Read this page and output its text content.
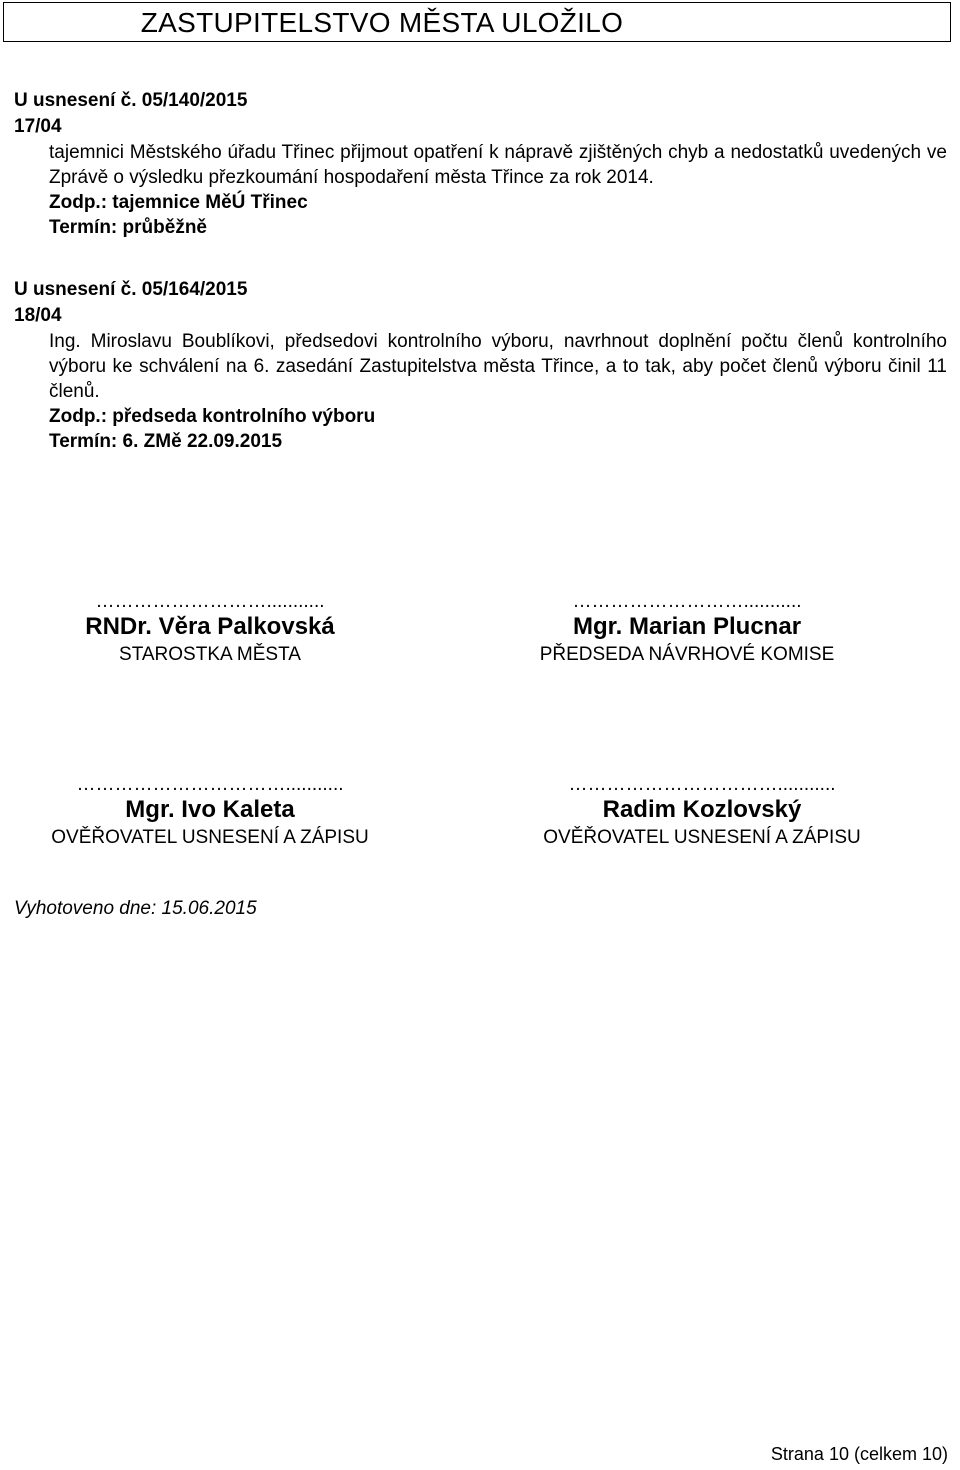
ZASTUPITELSTVO MĚSTA ULOŽILO
U usnesení č. 05/140/2015
17/04
tajemnici Městského úřadu Třinec přijmout opatření k nápravě zjištěných chyb a nedostatků uvedených ve Zprávě o výsledku přezkoumání hospodaření města Třince za rok 2014.
Zodp.: tajemnice MěÚ Třinec
Termín: průběžně
U usnesení č. 05/164/2015
18/04
Ing. Miroslavu Boublíkovi, předsedovi kontrolního výboru, navrhnout doplnění počtu členů kontrolního výboru ke schválení na 6. zasedání Zastupitelstva města Třince, a to tak, aby počet členů výboru činil 11 členů.
Zodp.: předseda kontrolního výboru
Termín: 6. ZMě 22.09.2015
………………………...........
RNDr. Věra Palkovská
STAROSTKA MĚSTA
………………………...........
Mgr. Marian Plucnar
PŘEDSEDA NÁVRHOVÉ KOMISE
……………………………...........
Mgr. Ivo Kaleta
OVĚŘOVATEL USNESENÍ A ZÁPISU
……………………………...........
Radim Kozlovský
OVĚŘOVATEL USNESENÍ A ZÁPISU
Vyhotoveno dne: 15.06.2015
Strana 10 (celkem 10)
